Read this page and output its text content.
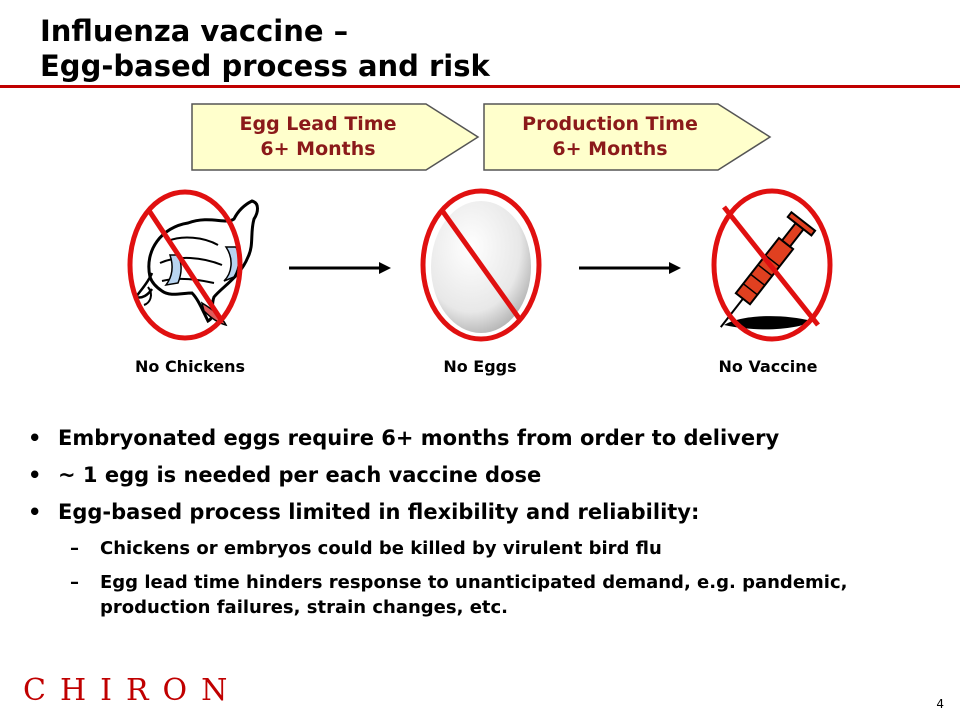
Influenza vaccine –
Egg-based process and risk
Egg Lead Time
6+ Months
Production Time
6+ Months
No Chickens	No Eggs	No Vaccine
• Embryonated eggs require 6+ months from order to delivery
• ~ 1 egg is needed per each vaccine dose
• Egg-based process limited in flexibility and reliability:
– Chickens or embryos could be killed by virulent bird flu
– Egg lead time hinders response to unanticipated demand, e.g. pandemic, production failures, strain changes, etc.
CHIRON	4
